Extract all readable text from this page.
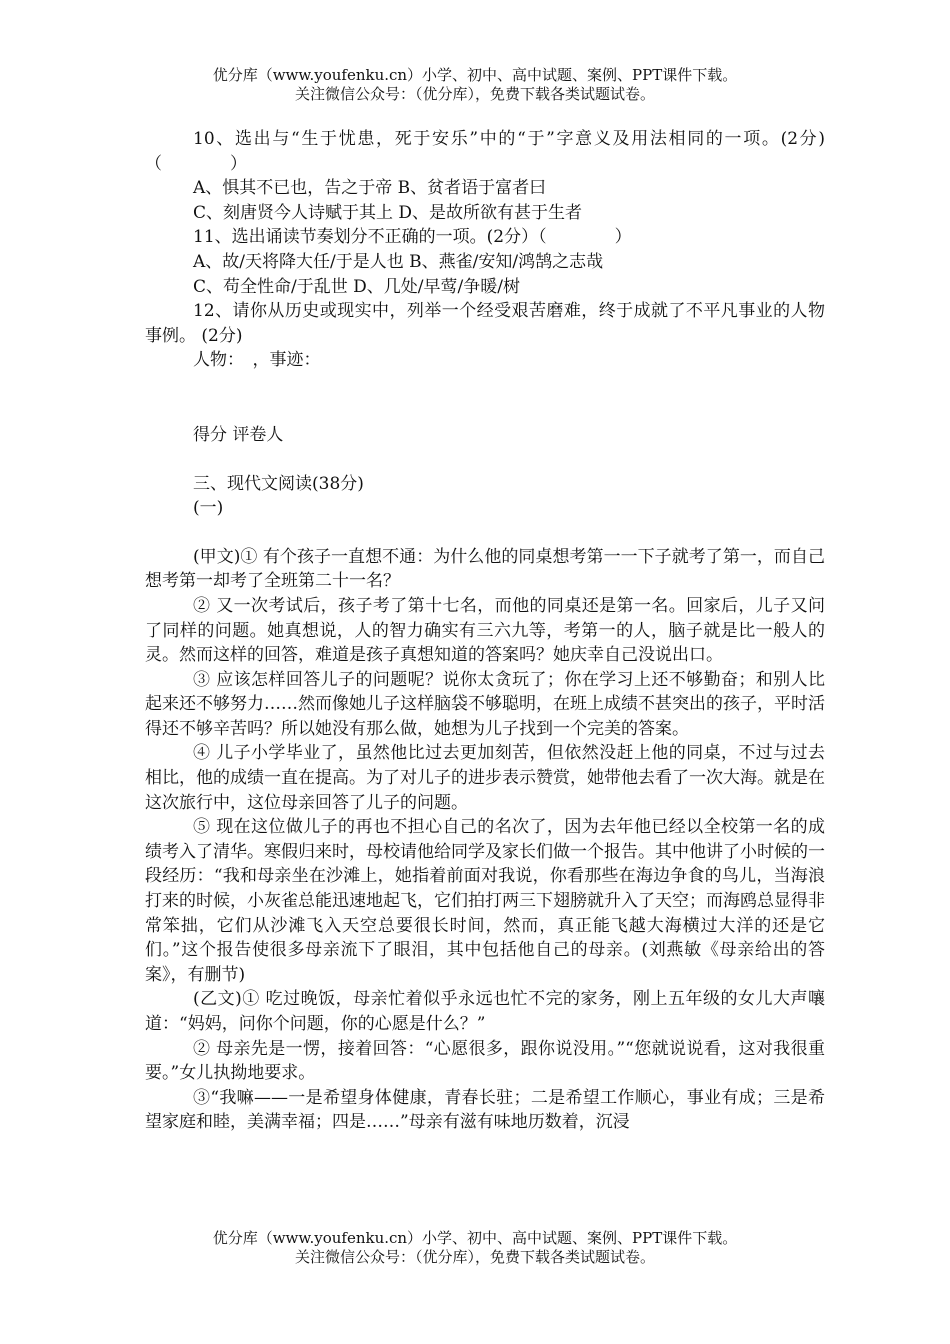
优分库（www.youfenku.cn）小学、初中、高中试题、案例、PPT课件下载。
关注微信公众号：（优分库），免费下载各类试题试卷。

10、选出与“生于忧患，死于安乐”中的“于”字意义及用法相同的一项。(2分)（　　　　）

A、惧其不已也，告之于帝 B、贫者语于富者曰

C、刻唐贤今人诗赋于其上 D、是故所欲有甚于生者

11、选出诵读节奏划分不正确的一项。(2分）（　　　　）

A、故/天将降大任/于是人也 B、燕雀/安知/鸿鹄之志哉

C、苟全性命/于乱世 D、几处/早莺/争暖/树

12、请你从历史或现实中，列举一个经受艰苦磨难，终于成就了不平凡事业的人物事例。 (2分)

人物：　，事迹：

得分 评卷人

三、现代文阅读(38分)

(一)

(甲文)① 有个孩子一直想不通：为什么他的同桌想考第一一下子就考了第一，而自己想考第一却考了全班第二十一名？

② 又一次考试后，孩子考了第十七名，而他的同桌还是第一名。回家后，儿子又问了同样的问题。她真想说，人的智力确实有三六九等，考第一的人，脑子就是比一般人的灵。然而这样的回答，难道是孩子真想知道的答案吗？她庆幸自己没说出口。

③ 应该怎样回答儿子的问题呢？说你太贪玩了；你在学习上还不够勤奋；和别人比起来还不够努力……然而像她儿子这样脑袋不够聪明，在班上成绩不甚突出的孩子，平时活得还不够辛苦吗？所以她没有那么做，她想为儿子找到一个完美的答案。

④ 儿子小学毕业了，虽然他比过去更加刻苦，但依然没赶上他的同桌，不过与过去相比，他的成绩一直在提高。为了对儿子的进步表示赞赏，她带他去看了一次大海。就是在这次旅行中，这位母亲回答了儿子的问题。

⑤ 现在这位做儿子的再也不担心自己的名次了，因为去年他已经以全校第一名的成绩考入了清华。寒假归来时，母校请他给同学及家长们做一个报告。其中他讲了小时候的一段经历：“我和母亲坐在沙滩上，她指着前面对我说，你看那些在海边争食的鸟儿，当海浪打来的时候，小灰雀总能迅速地起飞，它们拍打两三下翅膀就升入了天空；而海鸥总显得非常笨拙，它们从沙滩飞入天空总要很长时间，然而，真正能飞越大海横过大洋的还是它们。”这个报告使很多母亲流下了眼泪，其中包括他自己的母亲。(刘燕敏《母亲给出的答案》，有删节)

(乙文)① 吃过晚饭，母亲忙着似乎永远也忙不完的家务，刚上五年级的女儿大声嚷道：“妈妈，问你个问题，你的心愿是什么？”

② 母亲先是一愣，接着回答：“心愿很多，跟你说没用。”“您就说说看，这对我很重要。”女儿执拗地要求。

③“我嘛——一是希望身体健康，青春长驻；二是希望工作顺心，事业有成；三是希望家庭和睦，美满幸福；四是……”母亲有滋有味地历数着，沉浸

优分库（www.youfenku.cn）小学、初中、高中试题、案例、PPT课件下载。
关注微信公众号：（优分库），免费下载各类试题试卷。
